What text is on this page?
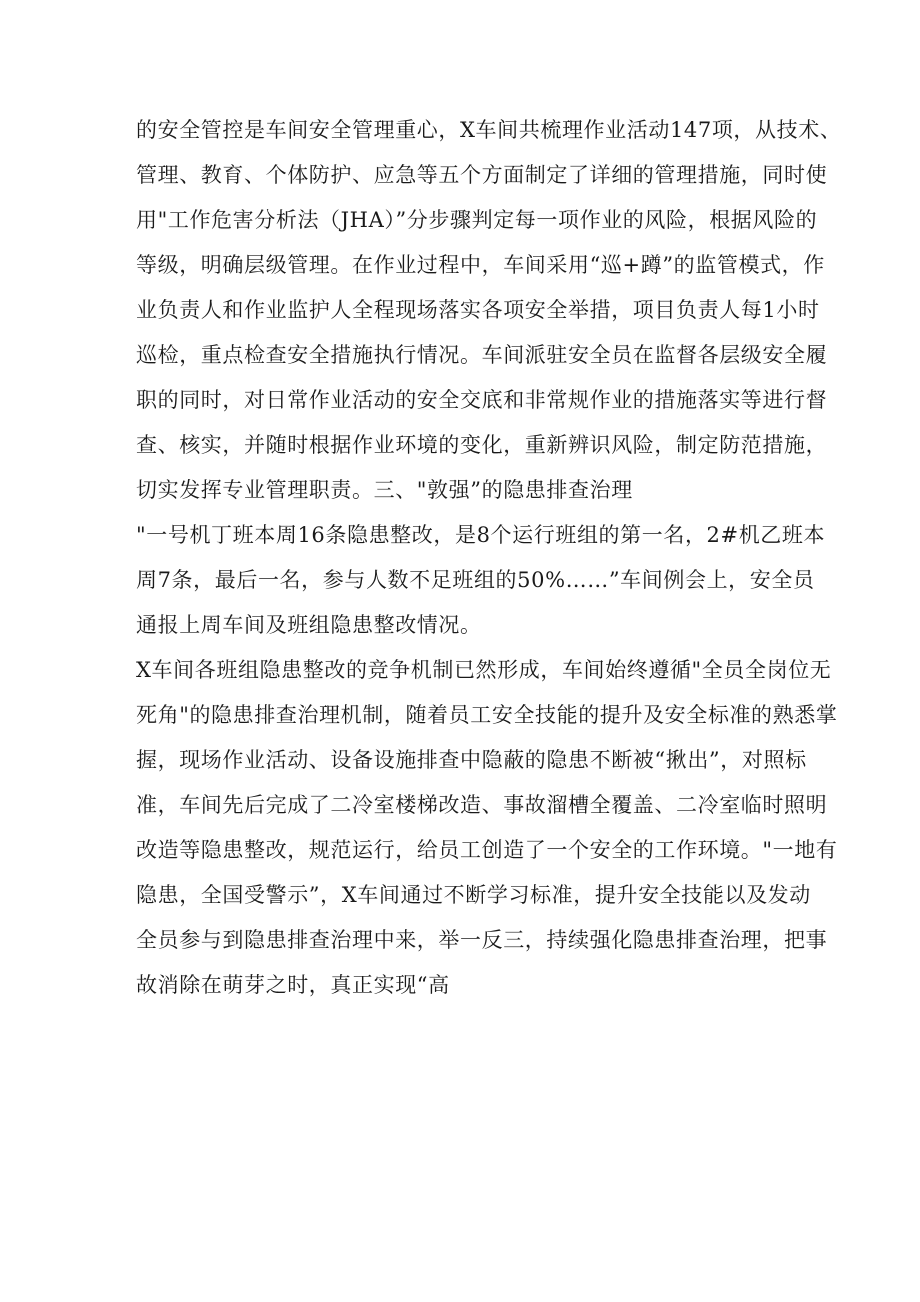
的安全管控是车间安全管理重心，X车间共梳理作业活动147项，从技术、
管理、教育、个体防护、应急等五个方面制定了详细的管理措施，同时使
用"工作危害分析法（JHA）”分步骤判定每一项作业的风险，根据风险的
等级，明确层级管理。在作业过程中，车间采用“巡+蹲”的监管模式，作
业负责人和作业监护人全程现场落实各项安全举措，项目负责人每1小时
巡检，重点检查安全措施执行情况。车间派驻安全员在监督各层级安全履
职的同时，对日常作业活动的安全交底和非常规作业的措施落实等进行督
查、核实，并随时根据作业环境的变化，重新辨识风险，制定防范措施，
切实发挥专业管理职责。三、"敦强”的隐患排查治理
"一号机丁班本周16条隐患整改，是8个运行班组的第一名，2#机乙班本
周7条，最后一名，参与人数不足班组的50%……”车间例会上，安全员
通报上周车间及班组隐患整改情况。
X车间各班组隐患整改的竞争机制已然形成，车间始终遵循"全员全岗位无
死角"的隐患排查治理机制，随着员工安全技能的提升及安全标准的熟悉掌
握，现场作业活动、设备设施排查中隐蔽的隐患不断被“揪出”，对照标
准，车间先后完成了二冷室楼梯改造、事故溜槽全覆盖、二冷室临时照明
改造等隐患整改，规范运行，给员工创造了一个安全的工作环境。"一地有
隐患，全国受警示”，X车间通过不断学习标准，提升安全技能以及发动
全员参与到隐患排查治理中来，举一反三，持续强化隐患排查治理，把事
故消除在萌芽之时，真正实现“高
